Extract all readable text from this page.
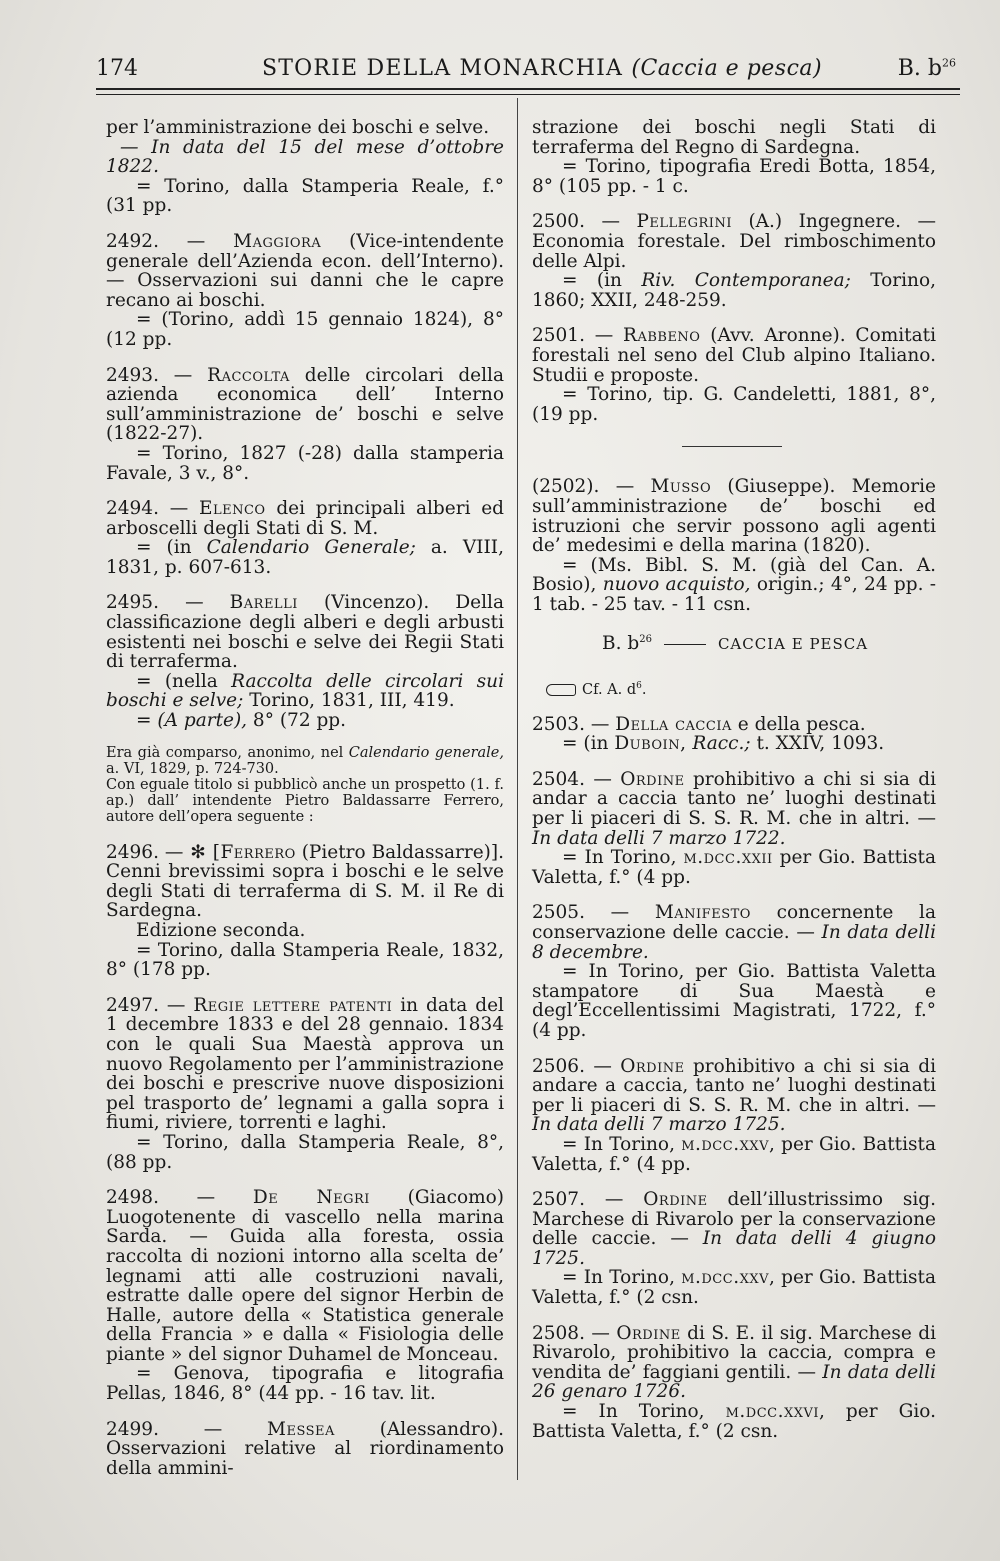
174	STORIE DELLA MONARCHIA (Caccia e pesca)	B. $b^{26}$

per l’amministrazione dei boschi e selve.

— In data del 15 del mese d’ottobre 1822.

= Torino, dalla Stamperia Reale, f.° (31 pp.

2492. — Maggiora (Vice-intendente generale dell’Azienda econ. dell’Interno). — Osservazioni sui danni che le capre recano ai boschi.

= (Torino, addì 15 gennaio 1824), 8° (12 pp.

2493. — Raccolta delle circolari della azienda economica dell’ Interno sull’amministrazione de’ boschi e selve (1822-27).

= Torino, 1827 (-28) dalla stamperia Favale, 3 v., 8°.

2494. — Elenco dei principali alberi ed arboscelli degli Stati di S. M.

= (in Calendario Generale; a. VIII, 1831, p. 607-613.

2495. — Barelli (Vincenzo). Della classificazione degli alberi e degli arbusti esistenti nei boschi e selve dei Regii Stati di terraferma.

= (nella Raccolta delle circolari sui boschi e selve; Torino, 1831, III, 419.

= (A parte), 8° (72 pp.

Era già comparso, anonimo, nel Calendario generale, a. VI, 1829, p. 724-730.

Con eguale titolo si pubblicò anche un prospetto (1. f. ap.) dall’ intendente Pietro Baldassarre Ferrero, autore dell’opera seguente :

2496. — ✻ [Ferrero (Pietro Baldassarre)]. Cenni brevissimi sopra i boschi e le selve degli Stati di terraferma di S. M. il Re di Sardegna.

Edizione seconda.

= Torino, dalla Stamperia Reale, 1832, 8° (178 pp.

2497. — Regie lettere patenti in data del 1 decembre 1833 e del 28 gennaio. 1834 con le quali Sua Maestà approva un nuovo Regolamento per l’amministrazione dei boschi e prescrive nuove disposizioni pel trasporto de’ legnami a galla sopra i fiumi, riviere, torrenti e laghi.

= Torino, dalla Stamperia Reale, 8°, (88 pp.

2498. — De Negri (Giacomo) Luogotenente di vascello nella marina Sarda. — Guida alla foresta, ossia raccolta di nozioni intorno alla scelta de’ legnami atti alle costruzioni navali, estratte dalle opere del signor Herbin de Halle, autore della « Statistica generale della Francia » e dalla « Fisiologia delle piante » del signor Duhamel de Monceau.

= Genova, tipografia e litografia Pellas, 1846, 8° (44 pp. - 16 tav. lit.

2499. — Messea (Alessandro). Osservazioni relative al riordinamento della ammini-

strazione dei boschi negli Stati di terraferma del Regno di Sardegna.

= Torino, tipografia Eredi Botta, 1854, 8° (105 pp. - 1 c.

2500. — Pellegrini (A.) Ingegnere. — Economia forestale. Del rimboschimento delle Alpi.

= (in Riv. Contemporanea; Torino, 1860; XXII, 248-259.

2501. — Rabbeno (Avv. Aronne). Comitati forestali nel seno del Club alpino Italiano. Studii e proposte.

= Torino, tip. G. Candeletti, 1881, 8°, (19 pp.

(2502). — Musso (Giuseppe). Memorie sull’amministrazione de’ boschi ed istruzioni che servir possono agli agenti de’ medesimi e della marina (1820).

= (Ms. Bibl. S. M. (già del Can. A. Bosio), nuovo acquisto, origin.; 4°, 24 pp. - 1 tab. - 25 tav. - 11 csn.

B. $b^{26}$	CACCIA E PESCA
Cf. A. $d^6$.

2503. — Della caccia e della pesca.

= (in Duboin, Racc.; t. XXIV, 1093.

2504. — Ordine prohibitivo a chi si sia di andar a caccia tanto ne’ luoghi destinati per li piaceri di S. S. R. M. che in altri. — In data delli 7 marzo 1722.

= In Torino, m.dcc.xxii per Gio. Battista Valetta, f.° (4 pp.

2505. — Manifesto concernente la conservazione delle caccie. — In data delli 8 decembre.

= In Torino, per Gio. Battista Valetta stampatore di Sua Maestà e degl’Eccellentissimi Magistrati, 1722, f.° (4 pp.

2506. — Ordine prohibitivo a chi si sia di andare a caccia, tanto ne’ luoghi destinati per li piaceri di S. S. R. M. che in altri. — In data delli 7 marzo 1725.

= In Torino, m.dcc.xxv, per Gio. Battista Valetta, f.° (4 pp.

2507. — Ordine dell’illustrissimo sig. Marchese di Rivarolo per la conservazione delle caccie. — In data delli 4 giugno 1725.

= In Torino, m.dcc.xxv, per Gio. Battista Valetta, f.° (2 csn.

2508. — Ordine di S. E. il sig. Marchese di Rivarolo, prohibitivo la caccia, compra e vendita de’ faggiani gentili. — In data delli 26 genaro 1726.

= In Torino, m.dcc.xxvi, per Gio. Battista Valetta, f.° (2 csn.
